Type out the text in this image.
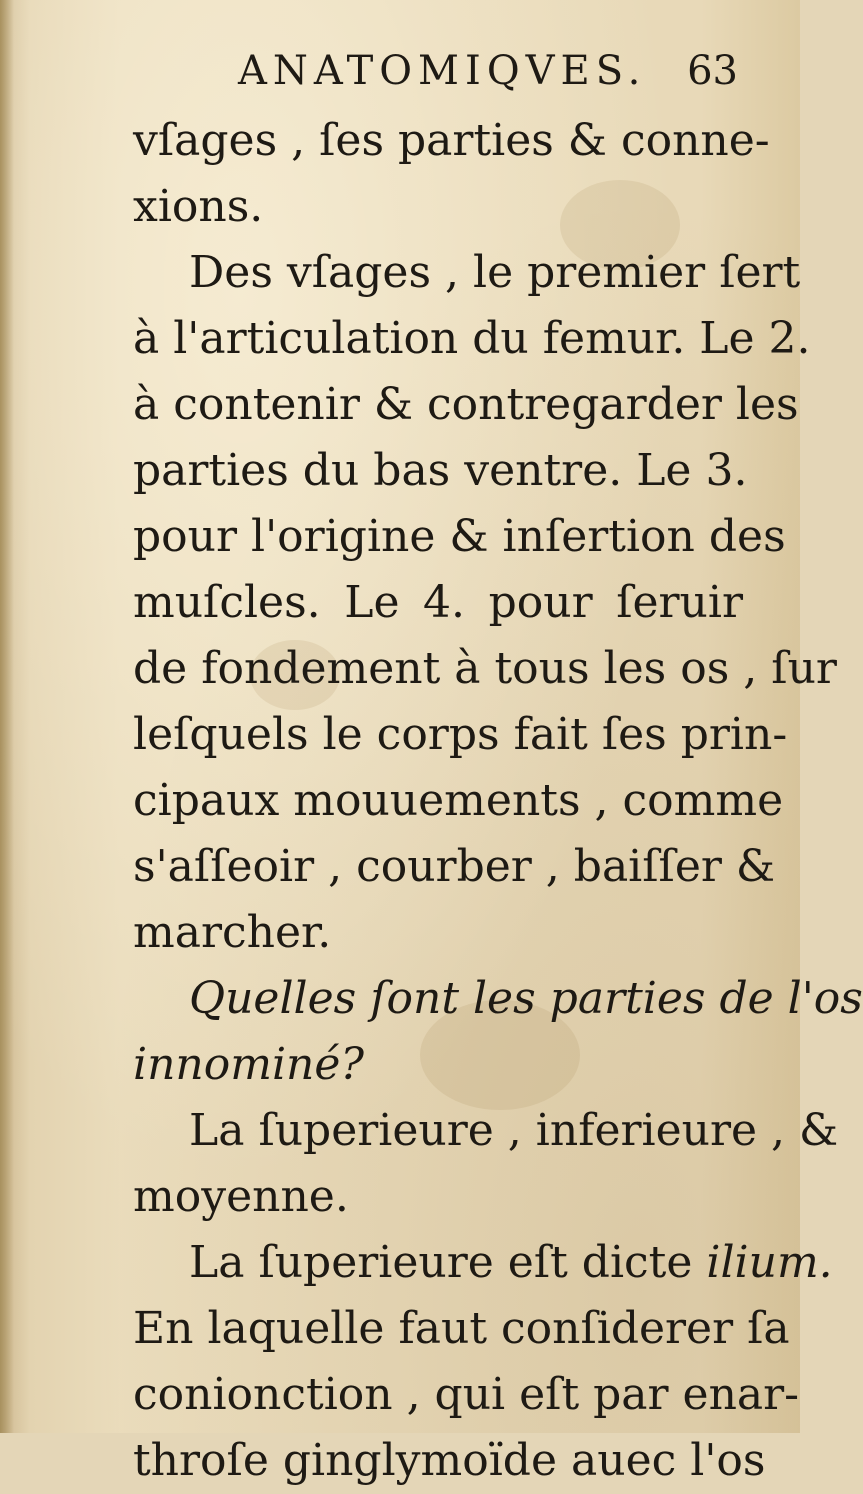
ANATOMIQVES. 63
vſages , ſes parties & conne-
xions.
Des vſages , le premier ſert
à l'articulation du femur. Le 2.
à contenir & contregarder les
parties du bas ventre. Le 3.
pour l'origine & inſertion des
muſcles. Le 4. pour ſeruir
de fondement à tous les os , ſur
leſquels le corps fait ſes prin-
cipaux mouuements , comme
s'aſſeoir , courber , baiſſer &
marcher.
Quelles ſont les parties de l'os
innominé?
La ſuperieure , inferieure , &
moyenne.
La ſuperieure eſt dicte ilium.
En laquelle faut conſiderer ſa
conionction , qui eſt par enar-
throſe ginglymoïde auec l'os
